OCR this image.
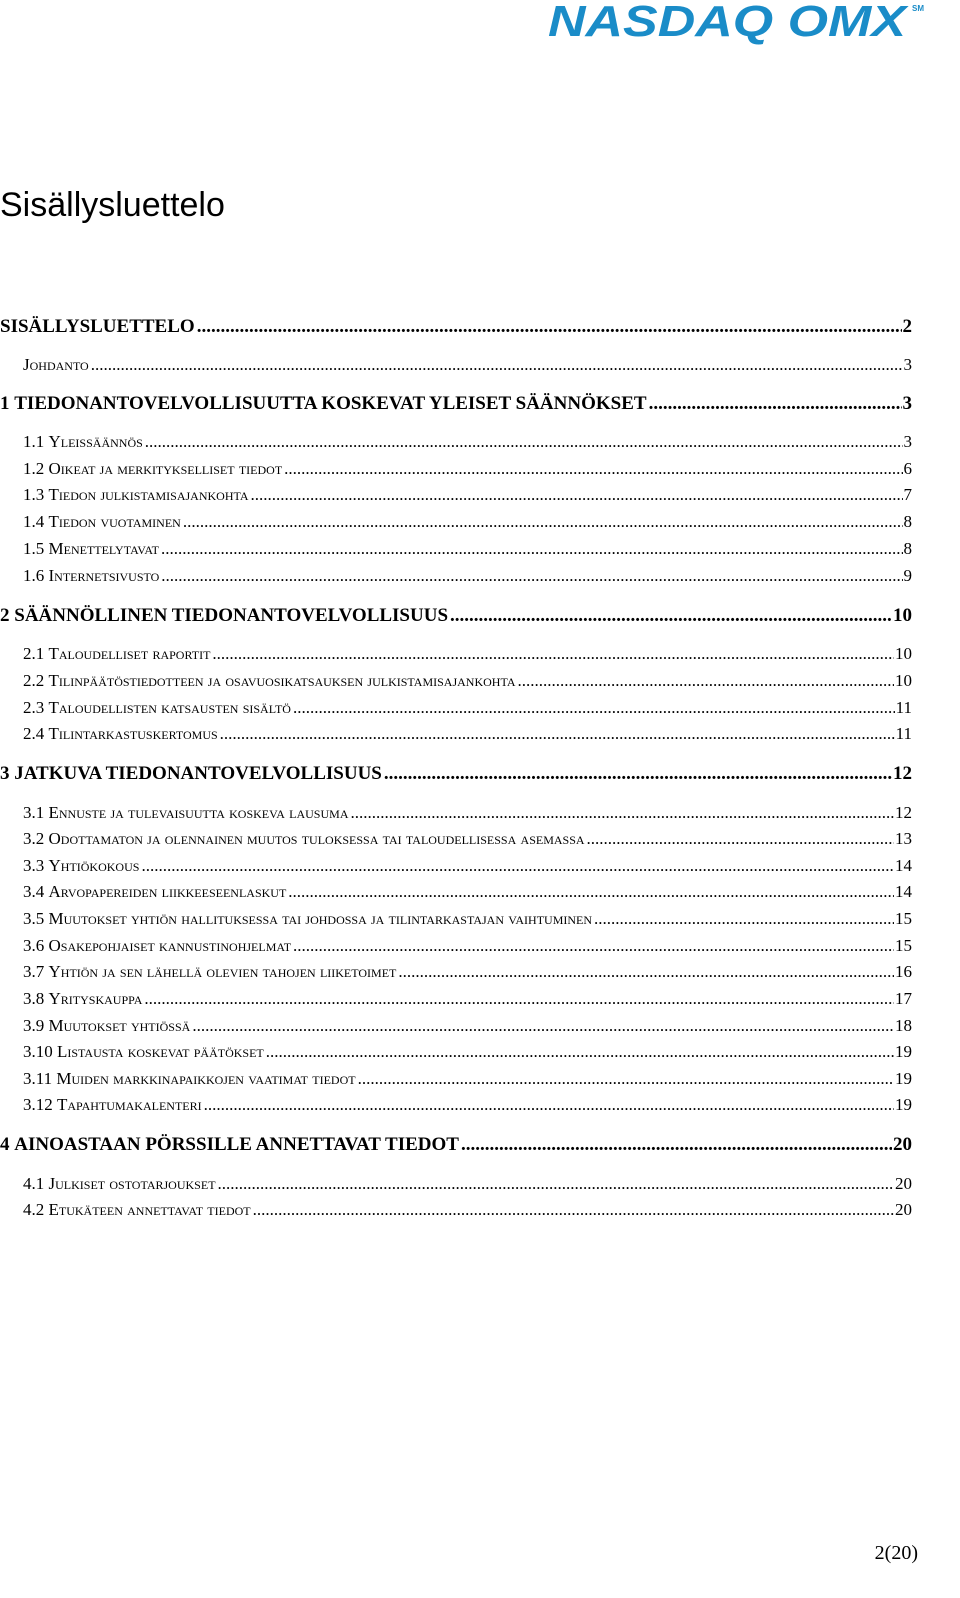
NASDAQ OMX SM
Sisällysluettelo
SISÄLLYSLUETTELO .....	2
Johdanto .....	3
1 TIEDONANTOVELVOLLISUUTTA KOSKEVAT YLEISET SÄÄNNÖKSET .....	3
1.1 Yleissäännös .....	3
1.2 Oikeat ja merkitykselliset tiedot .....	6
1.3 Tiedon julkistamisajankohta .....	7
1.4 Tiedon vuotaminen .....	8
1.5 Menettelytavat .....	8
1.6 Internetsivusto .....	9
2 SÄÄNNÖLLINEN TIEDONANTOVELVOLLISUUS .....	10
2.1 Taloudelliset raportit .....	10
2.2 Tilinpäätöstiedotteen ja osavuosikatsauksen julkistamisajankohta .....	10
2.3 Taloudellisten katsausten sisältö .....	11
2.4 Tilintarkastuskertomus .....	11
3 JATKUVA TIEDONANTOVELVOLLISUUS .....	12
3.1 Ennuste ja tulevaisuutta koskeva lausuma .....	12
3.2 Odottamaton ja olennainen muutos tuloksessa tai taloudellisessa asemassa .....	13
3.3 Yhtiökokous .....	14
3.4 Arvopapereiden liikkeeseenlaskut .....	14
3.5 Muutokset yhtiön hallituksessa tai johdossa ja tilintarkastajan vaihtuminen .....	15
3.6 Osakepohjaiset kannustinohjelmat .....	15
3.7 Yhtiön ja sen lähellä olevien tahojen liiketoimet .....	16
3.8 Yrityskauppa .....	17
3.9 Muutokset yhtiössä .....	18
3.10 Listausta koskevat päätökset .....	19
3.11 Muiden markkinapaikkojen vaatimat tiedot .....	19
3.12 Tapahtumakalenteri .....	19
4 AINOASTAAN PÖRSSILLE ANNETTAVAT TIEDOT .....	20
4.1 Julkiset ostotarjoukset .....	20
4.2 Etukäteen annettavat tiedot .....	20
2(20)
